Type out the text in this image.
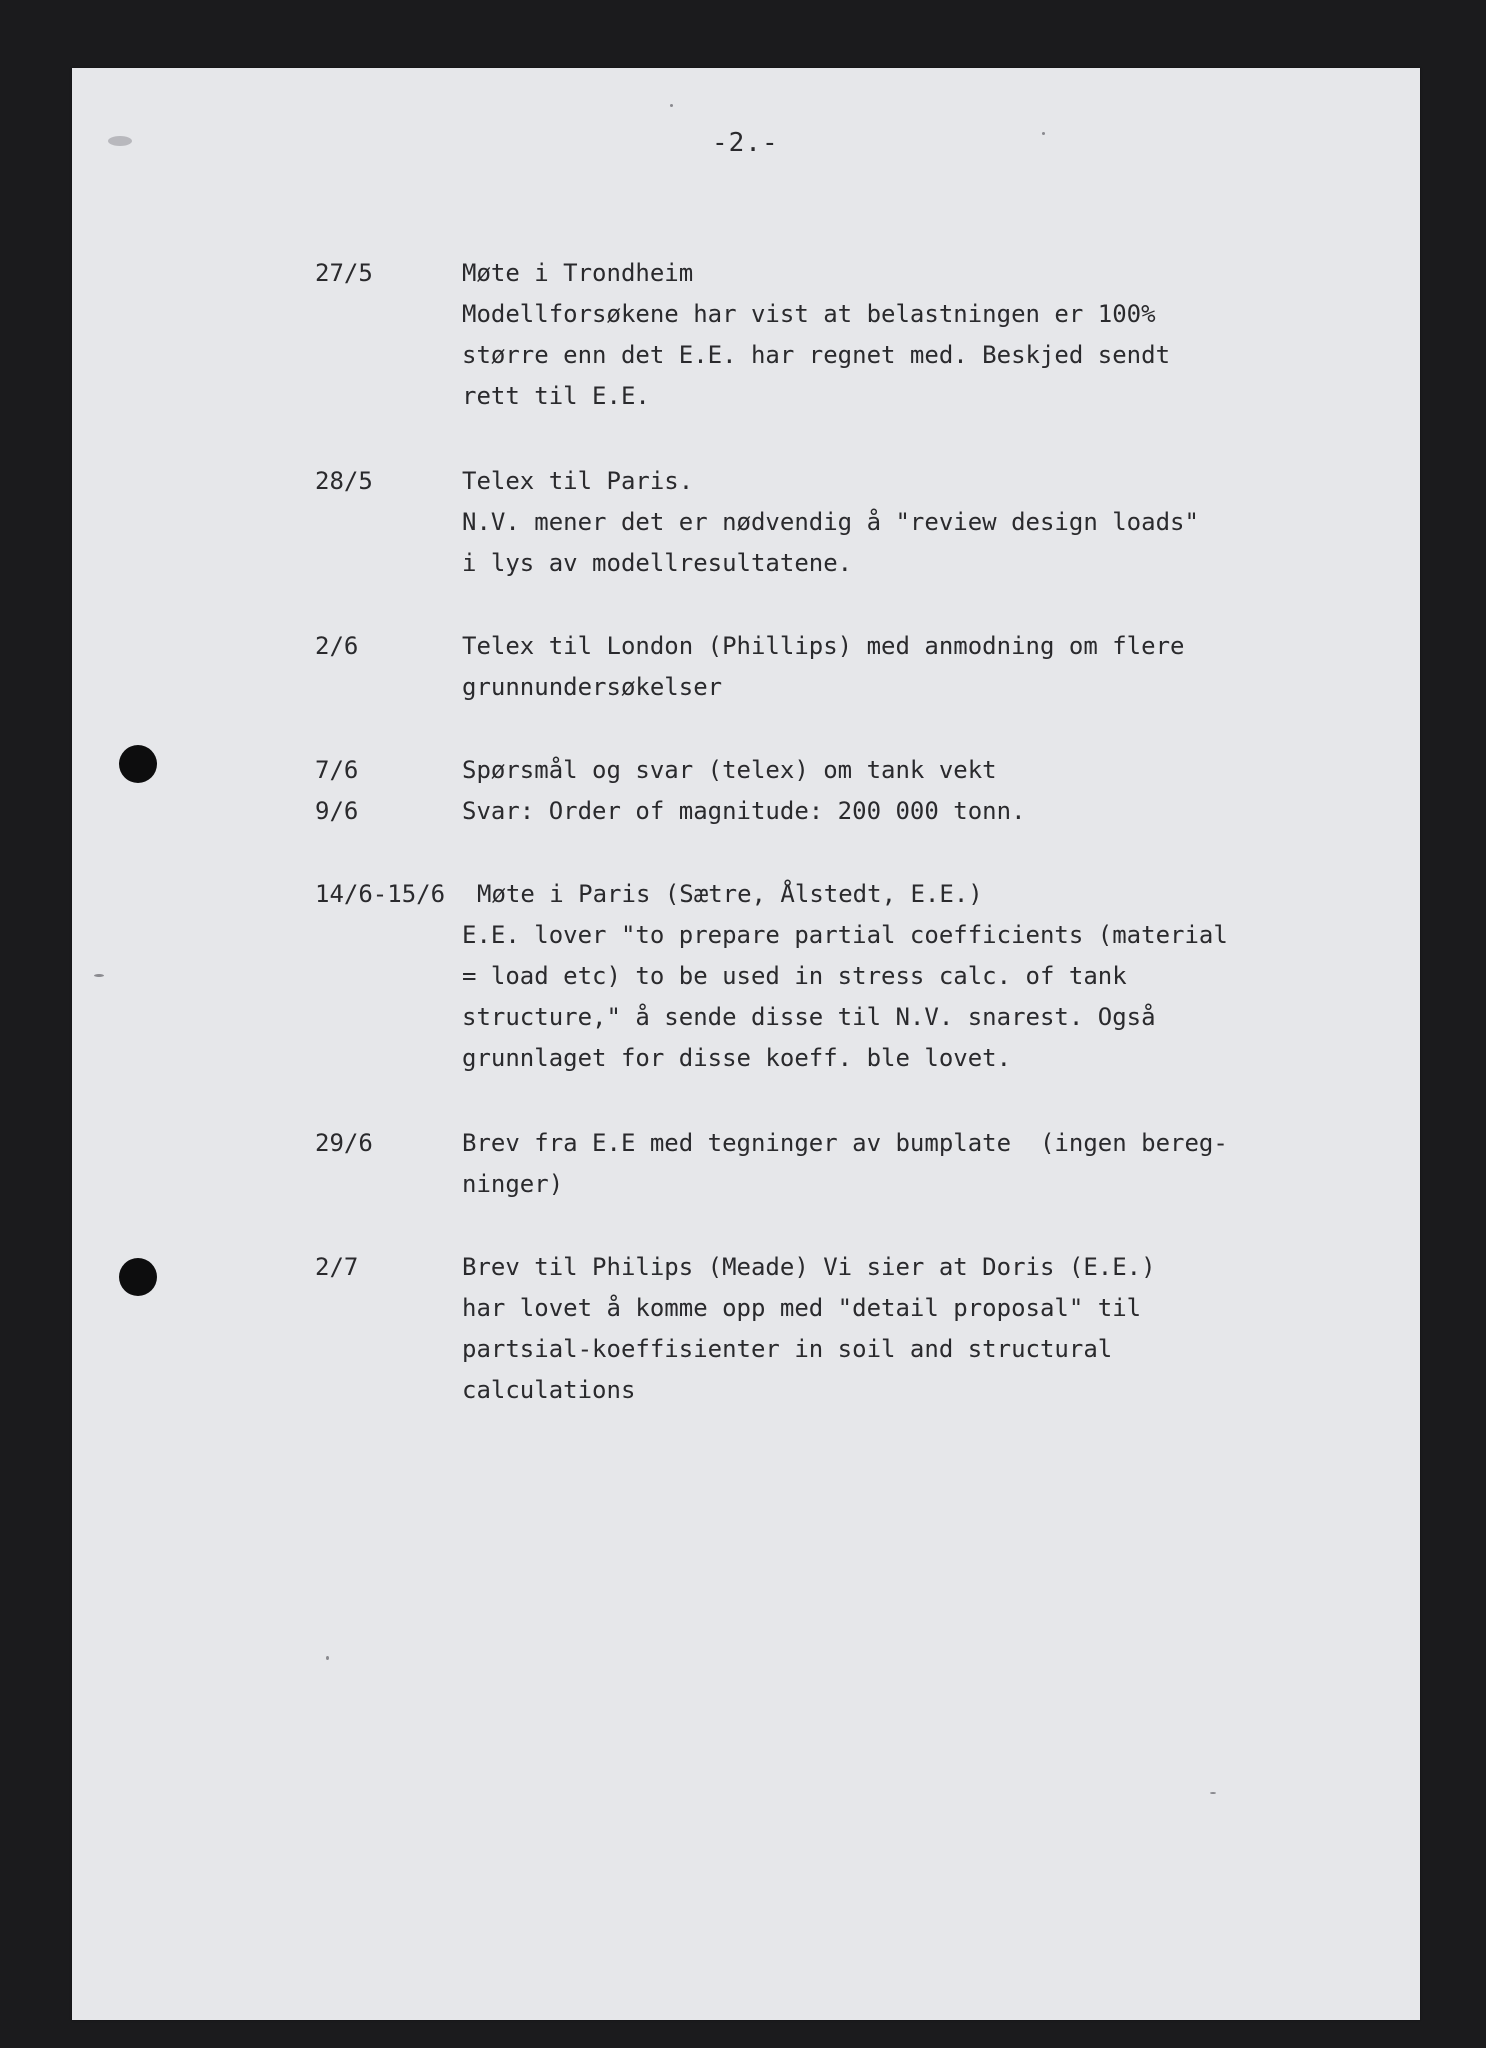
-2.-
27/5	Møte i Trondheim
Modellforsøkene har vist at belastningen er 100%
større enn det E.E. har regnet med. Beskjed sendt
rett til E.E.
28/5	Telex til Paris.
N.V. mener det er nødvendig å "review design loads"
i lys av modellresultatene.
2/6	Telex til London (Phillips) med anmodning om flere
grunnundersøkelser
7/6	Spørsmål og svar (telex) om tank vekt
9/6	Svar: Order of magnitude: 200 000 tonn.
14/6-15/6 Møte i Paris (Sætre, Ålstedt, E.E.)
E.E. lover "to prepare partial coefficients (material
= load etc) to be used in stress calc. of tank
structure," å sende disse til N.V. snarest. Også
grunnlaget for disse koeff. ble lovet.
29/6	Brev fra E.E med tegninger av bumplate  (ingen bereg-
ninger)
2/7	Brev til Philips (Meade) Vi sier at Doris (E.E.)
har lovet å komme opp med "detail proposal" til
partsial-koeffisienter in soil and structural
calculations
